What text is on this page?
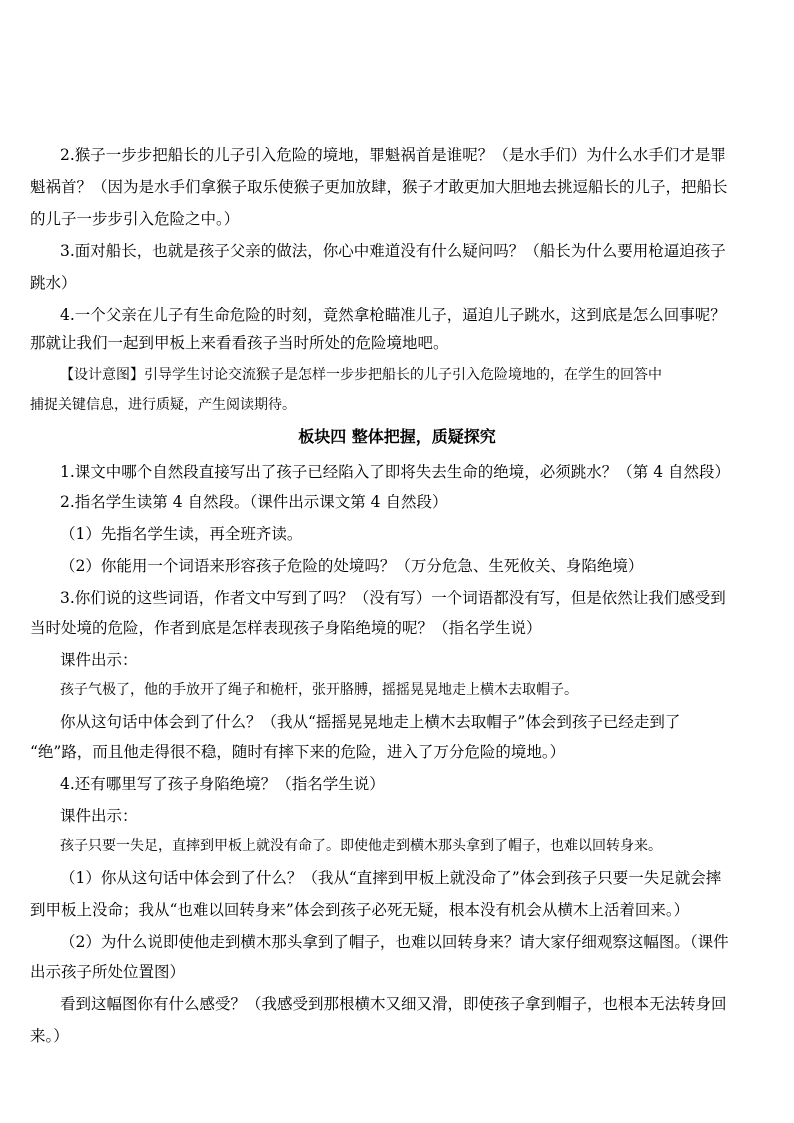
2.猴子一步步把船长的儿子引入危险的境地，罪魁祸首是谁呢？（是水手们）为什么水手们才是罪
魁祸首？（因为是水手们拿猴子取乐使猴子更加放肆，猴子才敢更加大胆地去挑逗船长的儿子，把船长
的儿子一步步引入危险之中。）
3.面对船长，也就是孩子父亲的做法，你心中难道没有什么疑问吗？（船长为什么要用枪逼迫孩子
跳水）
4.一个父亲在儿子有生命危险的时刻，竟然拿枪瞄准儿子，逼迫儿子跳水，这到底是怎么回事呢？
那就让我们一起到甲板上来看看孩子当时所处的危险境地吧。
【设计意图】引导学生讨论交流猴子是怎样一步步把船长的儿子引入危险境地的，在学生的回答中
捕捉关键信息，进行质疑，产生阅读期待。
板块四 整体把握，质疑探究
1.课文中哪个自然段直接写出了孩子已经陷入了即将失去生命的绝境，必须跳水？（第 4 自然段）
2.指名学生读第 4 自然段。（课件出示课文第 4 自然段）
（1）先指名学生读，再全班齐读。
（2）你能用一个词语来形容孩子危险的处境吗？（万分危急、生死攸关、身陷绝境）
3.你们说的这些词语，作者文中写到了吗？（没有写）一个词语都没有写，但是依然让我们感受到
当时处境的危险，作者到底是怎样表现孩子身陷绝境的呢？（指名学生说）
课件出示：
孩子气极了，他的手放开了绳子和桅杆，张开胳膊，摇摇晃晃地走上横木去取帽子。
你从这句话中体会到了什么？（我从“摇摇晃晃地走上横木去取帽子”体会到孩子已经走到了
“绝”路，而且他走得很不稳，随时有摔下来的危险，进入了万分危险的境地。）
4.还有哪里写了孩子身陷绝境？（指名学生说）
课件出示：
孩子只要一失足，直摔到甲板上就没有命了。即使他走到横木那头拿到了帽子，也难以回转身来。
（1）你从这句话中体会到了什么？（我从“直摔到甲板上就没命了”体会到孩子只要一失足就会摔
到甲板上没命；我从“也难以回转身来”体会到孩子必死无疑，根本没有机会从横木上活着回来。）
（2）为什么说即使他走到横木那头拿到了帽子，也难以回转身来？请大家仔细观察这幅图。（课件
出示孩子所处位置图）
看到这幅图你有什么感受？（我感受到那根横木又细又滑，即使孩子拿到帽子，也根本无法转身回
来。）
